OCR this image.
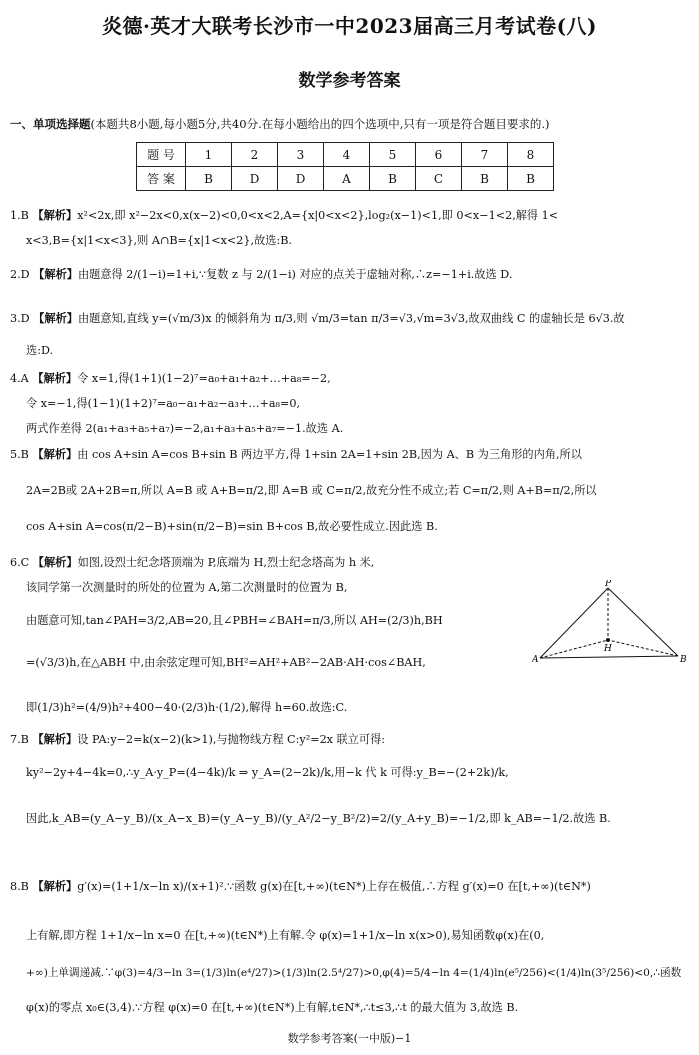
炎德·英才大联考长沙市一中2023届高三月考试卷(八)
数学参考答案
一、单项选择题(本题共8小题,每小题5分,共40分.在每小题给出的四个选项中,只有一项是符合题目要求的.)
题 号	1	2	3	4	5	6	7	8
答 案	B	D	D	A	B	C	B	B
1.B 【解析】x²<2x,即 x²−2x<0,x(x−2)<0,0<x<2,A={x|0<x<2},log₂(x−1)<1,即 0<x−1<2,解得 1<
x<3,B={x|1<x<3},则 A∩B={x|1<x<2},故选:B.
2.D 【解析】由题意得 2/(1−i)=1+i,∵复数 z 与 2/(1−i) 对应的点关于虚轴对称,∴z=−1+i.故选 D.
3.D 【解析】由题意知,直线 y=(√m/3)x 的倾斜角为 π/3,则 √m/3=tan π/3=√3,√m=3√3,故双曲线 C 的虚轴长是 6√3.故
选:D.
4.A 【解析】令 x=1,得(1+1)(1−2)⁷=a₀+a₁+a₂+…+a₈=−2,
令 x=−1,得(1−1)(1+2)⁷=a₀−a₁+a₂−a₃+…+a₈=0,
两式作差得 2(a₁+a₃+a₅+a₇)=−2,a₁+a₃+a₅+a₇=−1.故选 A.
5.B 【解析】由 cos A+sin A=cos B+sin B 两边平方,得 1+sin 2A=1+sin 2B,因为 A、B 为三角形的内角,所以
2A=2B或 2A+2B=π,所以 A=B 或 A+B=π/2,即 A=B 或 C=π/2,故充分性不成立;若 C=π/2,则 A+B=π/2,所以
cos A+sin A=cos(π/2−B)+sin(π/2−B)=sin B+cos B,故必要性成立.因此选 B.
6.C 【解析】如图,设烈士纪念塔顶端为 P,底端为 H,烈士纪念塔高为 h 米,
该同学第一次测量时的所处的位置为 A,第二次测量时的位置为 B,
由题意可知,tan∠PAH=3/2,AB=20,且∠PBH=∠BAH=π/3,所以 AH=(2/3)h,BH
=(√3/3)h,在△ABH 中,由余弦定理可知,BH²=AH²+AB²−2AB·AH·cos∠BAH,
即(1/3)h²=(4/9)h²+400−40·(2/3)h·(1/2),解得 h=60.故选:C.
P
H
A	B
7.B 【解析】设 PA:y−2=k(x−2)(k>1),与抛物线方程 C:y²=2x 联立可得:
ky²−2y+4−4k=0,∴y_A·y_P=(4−4k)/k ⇒ y_A=(2−2k)/k,用−k 代 k 可得:y_B=−(2+2k)/k,
因此,k_AB=(y_A−y_B)/(x_A−x_B)=(y_A−y_B)/(y_A²/2−y_B²/2)=2/(y_A+y_B)=−1/2,即 k_AB=−1/2.故选 B.
8.B 【解析】g′(x)=(1+1/x−ln x)/(x+1)².∵函数 g(x)在[t,+∞)(t∈N*)上存在极值,∴方程 g′(x)=0 在[t,+∞)(t∈N*)
上有解,即方程 1+1/x−ln x=0 在[t,+∞)(t∈N*)上有解.令 φ(x)=1+1/x−ln x(x>0),易知函数φ(x)在(0,
+∞)上单调递减.∵φ(3)=4/3−ln 3=(1/3)ln(e⁴/27)>(1/3)ln(2.5⁴/27)>0,φ(4)=5/4−ln 4=(1/4)ln(e⁵/256)<(1/4)ln(3⁵/256)<0,∴函数
φ(x)的零点 x₀∈(3,4).∵方程 φ(x)=0 在[t,+∞)(t∈N*)上有解,t∈N*,∴t≤3,∴t 的最大值为 3,故选 B.
数学参考答案(一中版)−1
